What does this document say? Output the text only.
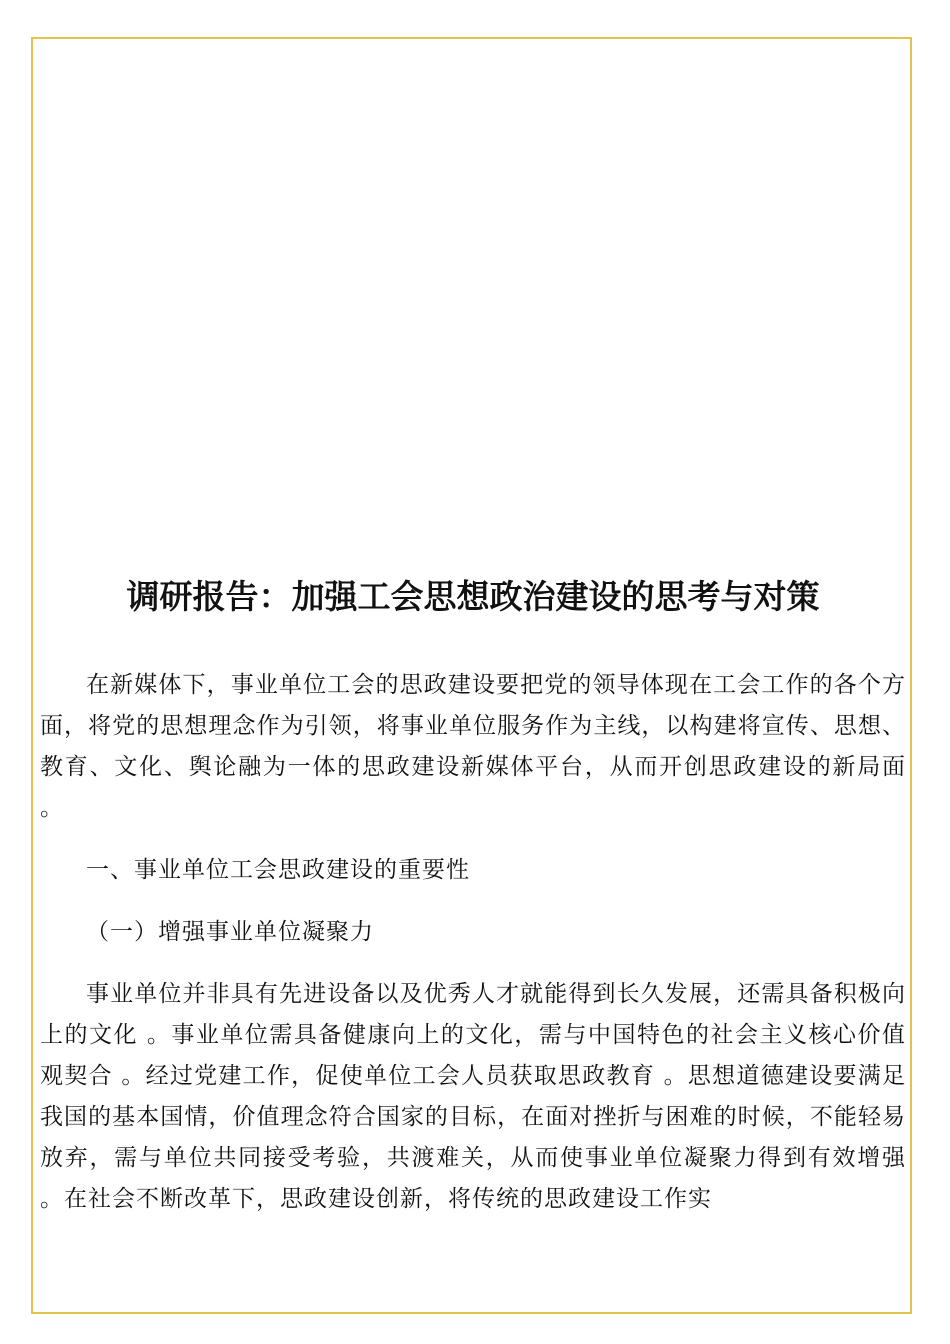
调研报告：加强工会思想政治建设的思考与对策

在新媒体下，事业单位工会的思政建设要把党的领导体现在工会工作的各个方面，将党的思想理念作为引领，将事业单位服务作为主线，以构建将宣传、思想、教育、文化、舆论融为一体的思政建设新媒体平台，从而开创思政建设的新局面 。

一、事业单位工会思政建设的重要性

（一）增强事业单位凝聚力

事业单位并非具有先进设备以及优秀人才就能得到长久发展，还需具备积极向上的文化 。事业单位需具备健康向上的文化，需与中国特色的社会主义核心价值观契合 。经过党建工作，促使单位工会人员获取思政教育 。思想道德建设要满足我国的基本国情，价值理念符合国家的目标，在面对挫折与困难的时候，不能轻易放弃，需与单位共同接受考验，共渡难关，从而使事业单位凝聚力得到有效增强 。在社会不断改革下，思政建设创新，将传统的思政建设工作实
